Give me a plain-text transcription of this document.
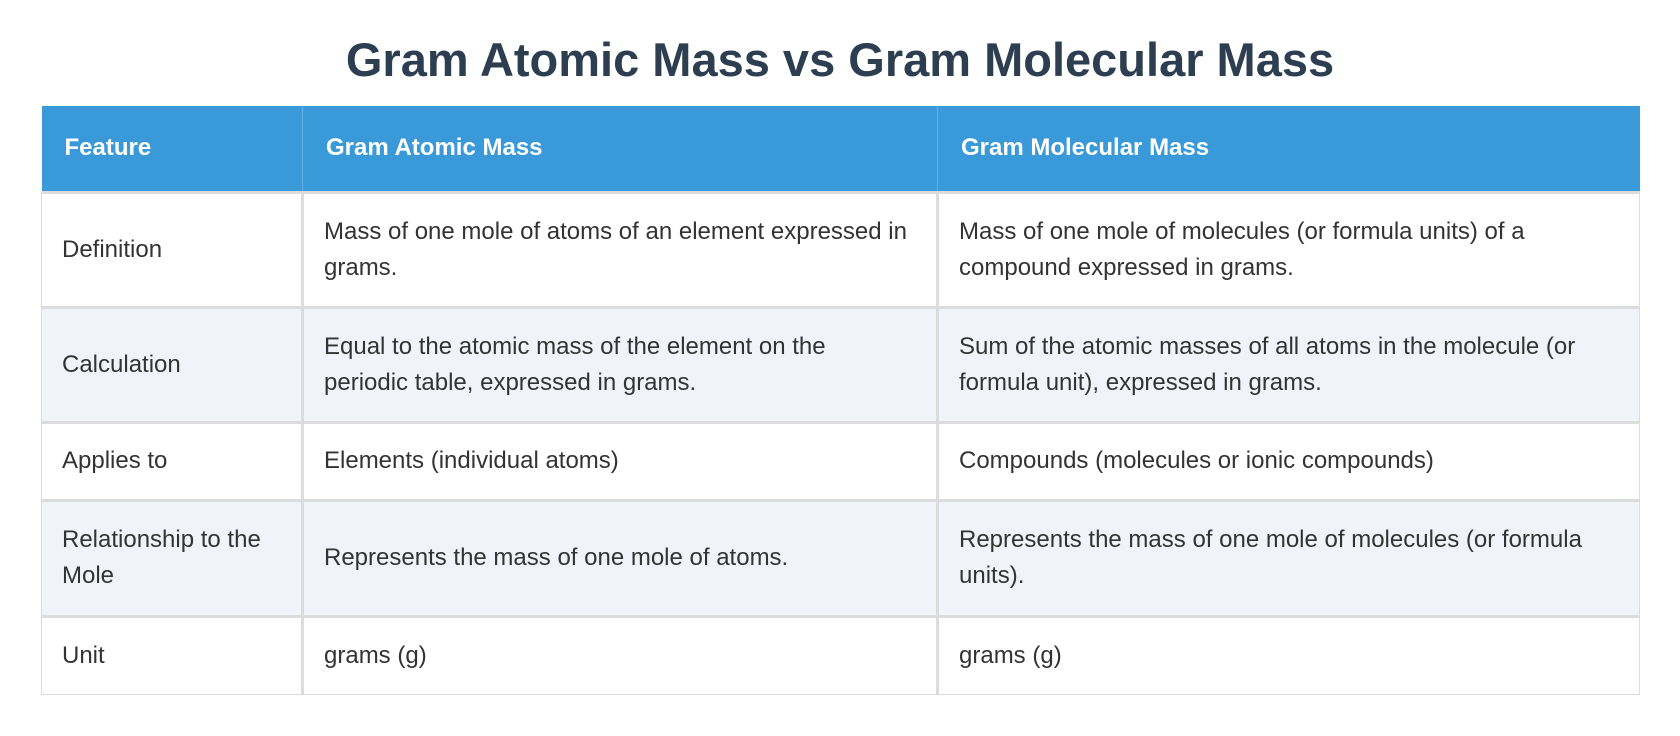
Gram Atomic Mass vs Gram Molecular Mass
Feature	Gram Atomic Mass	Gram Molecular Mass
Definition	Mass of one mole of atoms of an element expressed in grams.	Mass of one mole of molecules (or formula units) of a compound expressed in grams.
Calculation	Equal to the atomic mass of the element on the periodic table, expressed in grams.	Sum of the atomic masses of all atoms in the molecule (or formula unit), expressed in grams.
Applies to	Elements (individual atoms)	Compounds (molecules or ionic compounds)
Relationship to the Mole	Represents the mass of one mole of atoms.	Represents the mass of one mole of molecules (or formula units).
Unit	grams (g)	grams (g)
